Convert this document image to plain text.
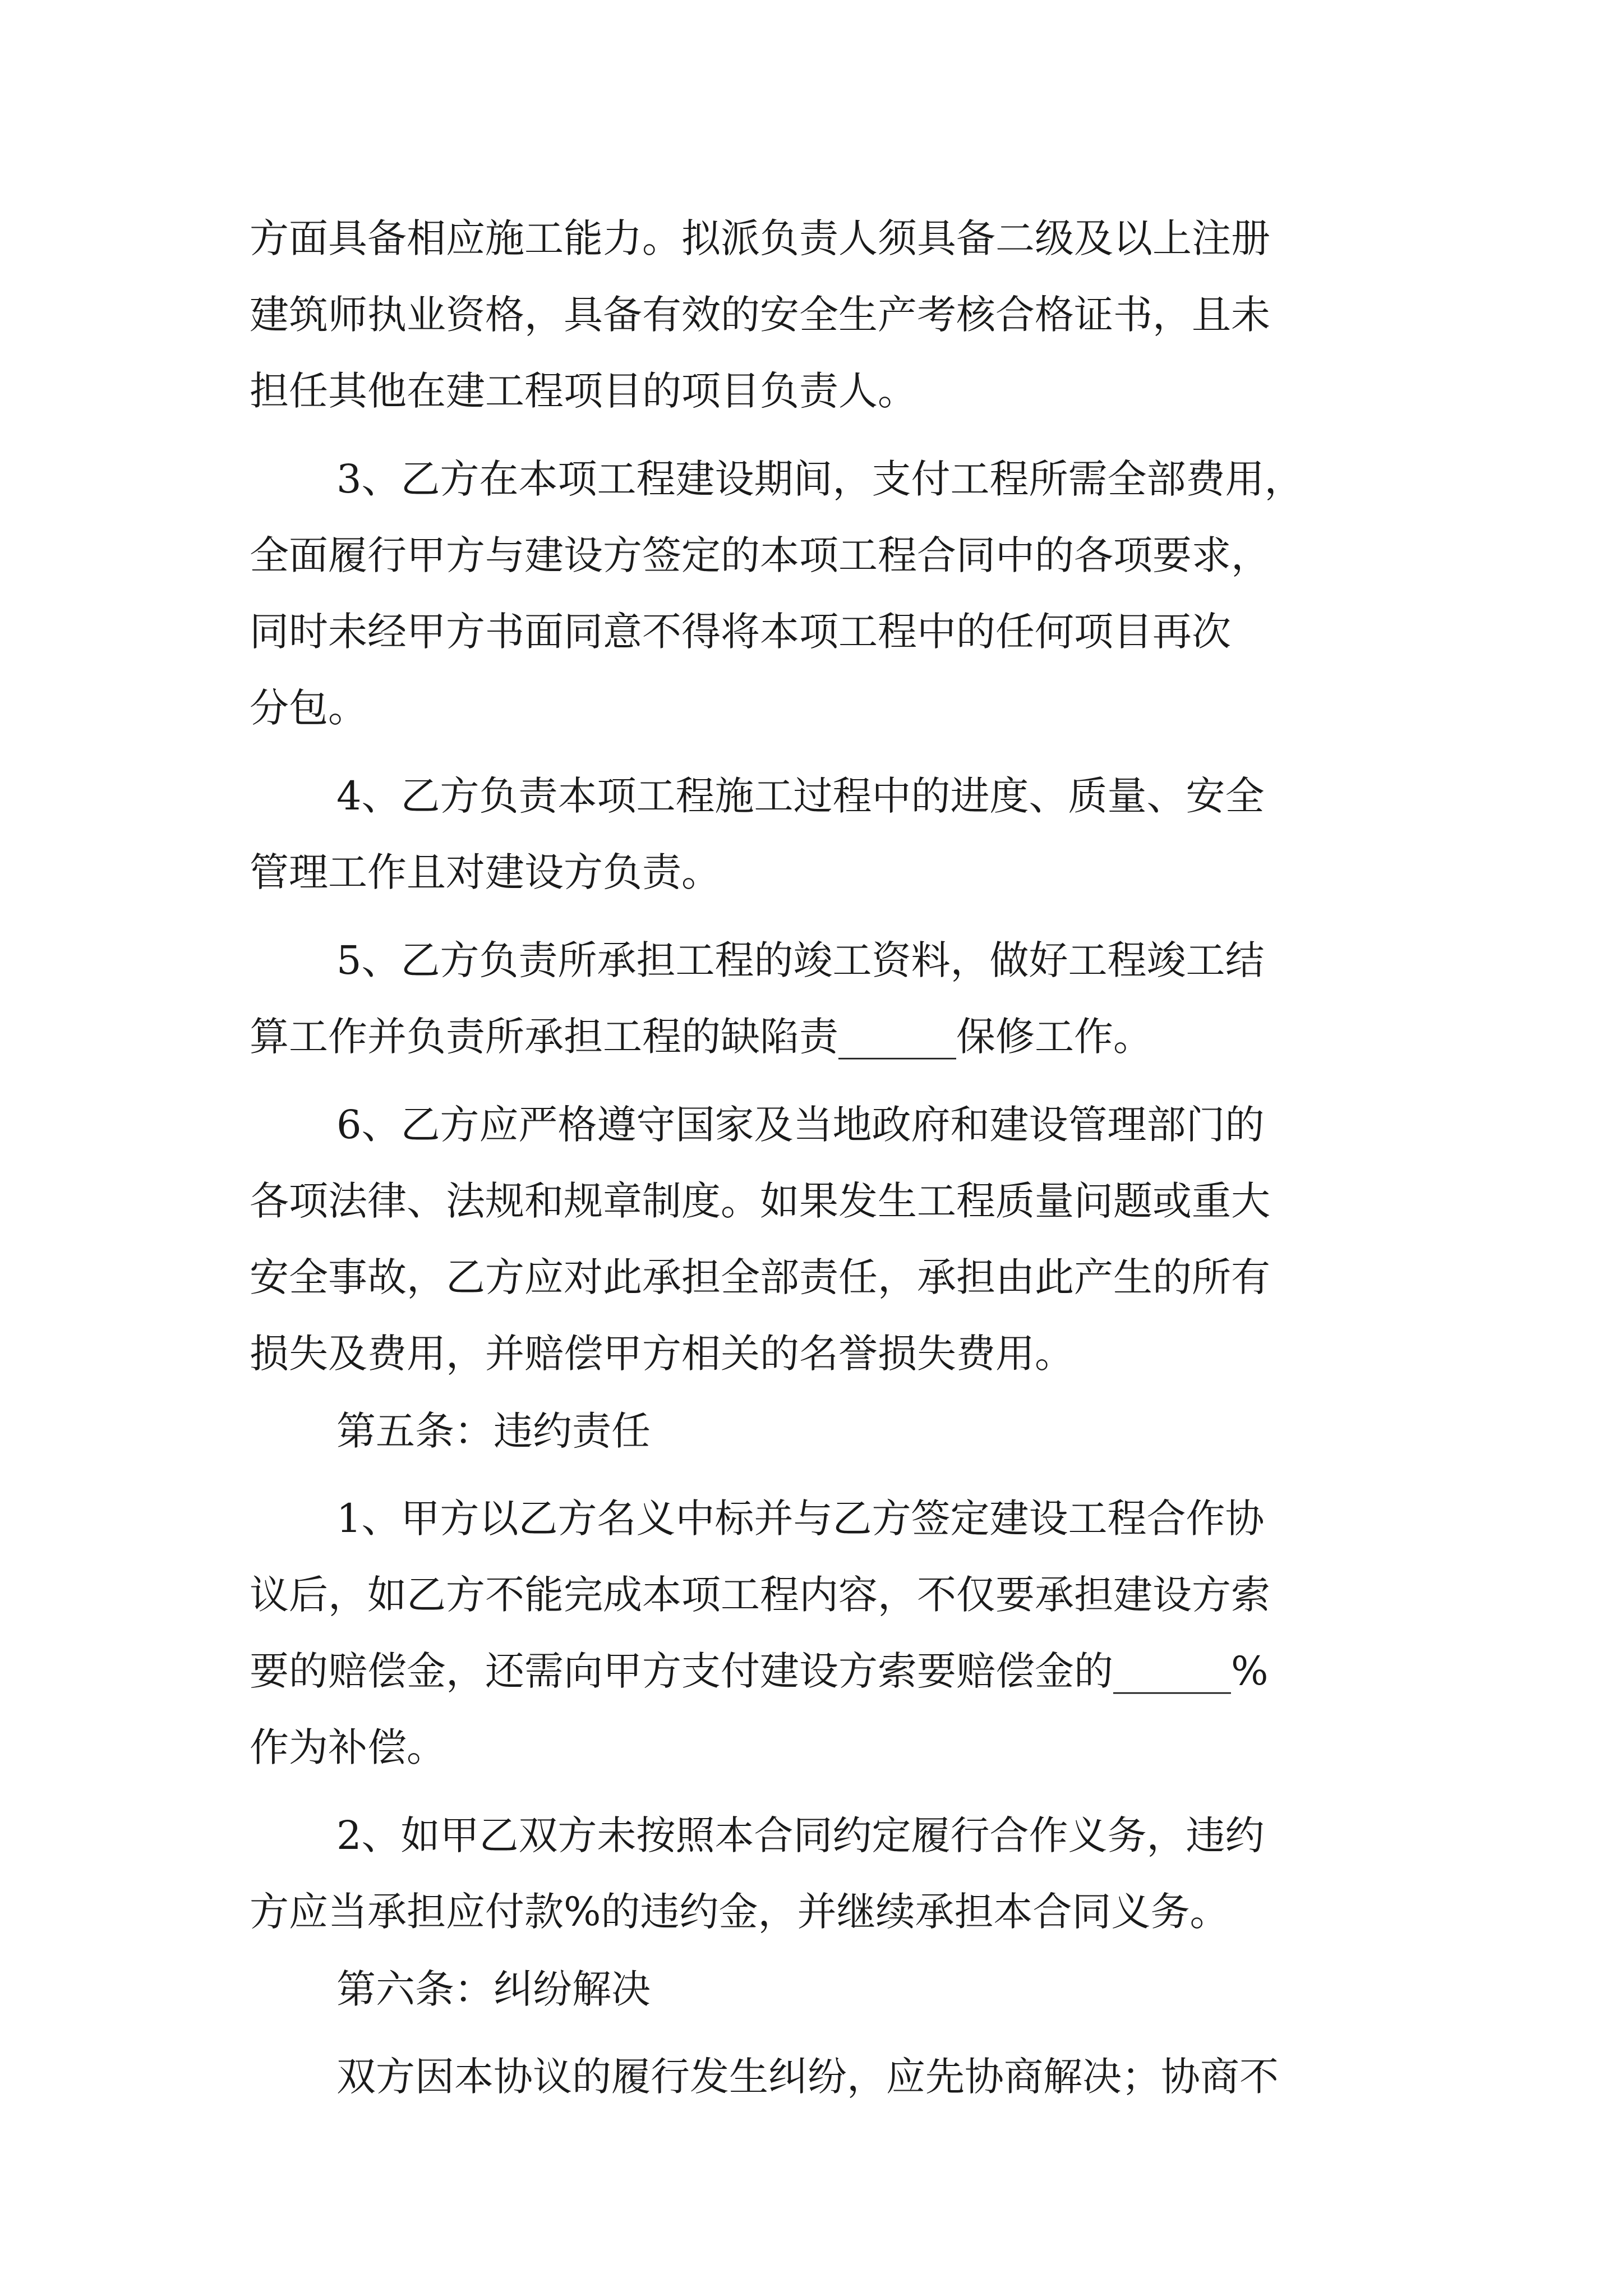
方面具备相应施工能力。拟派负责人须具备二级及以上注册
建筑师执业资格，具备有效的安全生产考核合格证书，且未
担任其他在建工程项目的项目负责人。
3、乙方在本项工程建设期间，支付工程所需全部费用，
全面履行甲方与建设方签定的本项工程合同中的各项要求，
同时未经甲方书面同意不得将本项工程中的任何项目再次
分包。
4、乙方负责本项工程施工过程中的进度、质量、安全
管理工作且对建设方负责。
5、乙方负责所承担工程的竣工资料，做好工程竣工结
算工作并负责所承担工程的缺陷责______保修工作。
6、乙方应严格遵守国家及当地政府和建设管理部门的
各项法律、法规和规章制度。如果发生工程质量问题或重大
安全事故，乙方应对此承担全部责任，承担由此产生的所有
损失及费用，并赔偿甲方相关的名誉损失费用。
第五条：违约责任
1、甲方以乙方名义中标并与乙方签定建设工程合作协
议后，如乙方不能完成本项工程内容，不仅要承担建设方索
要的赔偿金，还需向甲方支付建设方索要赔偿金的______%
作为补偿。
2、如甲乙双方未按照本合同约定履行合作义务，违约
方应当承担应付款%的违约金，并继续承担本合同义务。
第六条：纠纷解决
双方因本协议的履行发生纠纷，应先协商解决；协商不
